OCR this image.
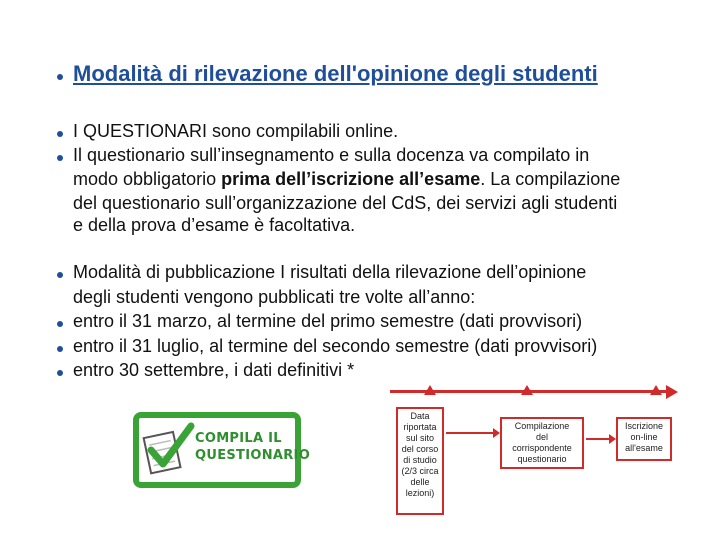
Modalità di rilevazione dell'opinione degli studenti
I QUESTIONARI sono compilabili online.
Il questionario sull’insegnamento e sulla docenza va compilato in
modo obbligatorio prima dell’iscrizione all’esame. La compilazione
del questionario sull’organizzazione del CdS, dei servizi agli studenti
e della prova d’esame è facoltativa.
Modalità di pubblicazione I risultati della rilevazione dell’opinione
degli studenti vengono pubblicati tre volte all’anno:
entro il 31 marzo, al termine del primo semestre (dati provvisori)
entro il 31 luglio, al termine del secondo semestre (dati provvisori)
entro 30 settembre, i dati definitivi *
COMPILA IL
QUESTIONARIO
Data
riportata
sul sito
del corso
di studio
(2/3 circa
delle
lezioni)
Compilazione
del
corrispondente
questionario
Iscrizione
on-line
all'esame
